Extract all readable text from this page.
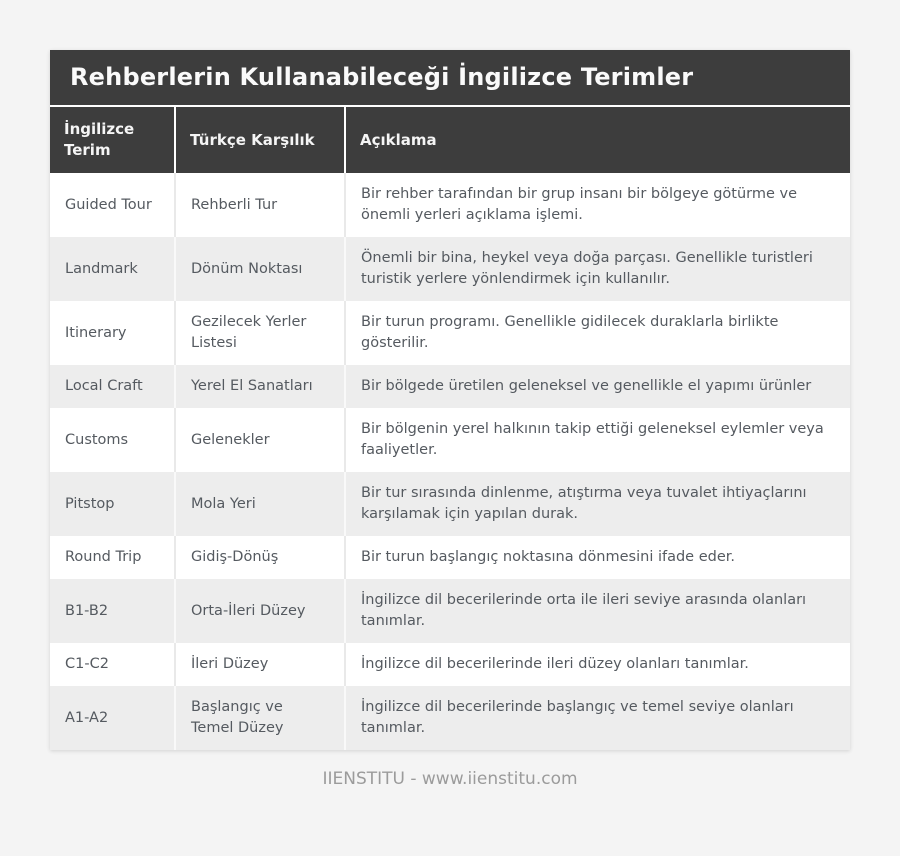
Rehberlerin Kullanabileceği İngilizce Terimler
İngilizce Terim	Türkçe Karşılık	Açıklama
Guided Tour	Rehberli Tur	Bir rehber tarafından bir grup insanı bir bölgeye götürme ve önemli yerleri açıklama işlemi.
Landmark	Dönüm Noktası	Önemli bir bina, heykel veya doğa parçası. Genellikle turistleri turistik yerlere yönlendirmek için kullanılır.
Itinerary	Gezilecek Yerler Listesi	Bir turun programı. Genellikle gidilecek duraklarla birlikte gösterilir.
Local Craft	Yerel El Sanatları	Bir bölgede üretilen geleneksel ve genellikle el yapımı ürünler
Customs	Gelenekler	Bir bölgenin yerel halkının takip ettiği geleneksel eylemler veya faaliyetler.
Pitstop	Mola Yeri	Bir tur sırasında dinlenme, atıştırma veya tuvalet ihtiyaçlarını karşılamak için yapılan durak.
Round Trip	Gidiş-Dönüş	Bir turun başlangıç noktasına dönmesini ifade eder.
B1-B2	Orta-İleri Düzey	İngilizce dil becerilerinde orta ile ileri seviye arasında olanları tanımlar.
C1-C2	İleri Düzey	İngilizce dil becerilerinde ileri düzey olanları tanımlar.
A1-A2	Başlangıç ve Temel Düzey	İngilizce dil becerilerinde başlangıç ve temel seviye olanları tanımlar.
IIENSTITU - www.iienstitu.com
